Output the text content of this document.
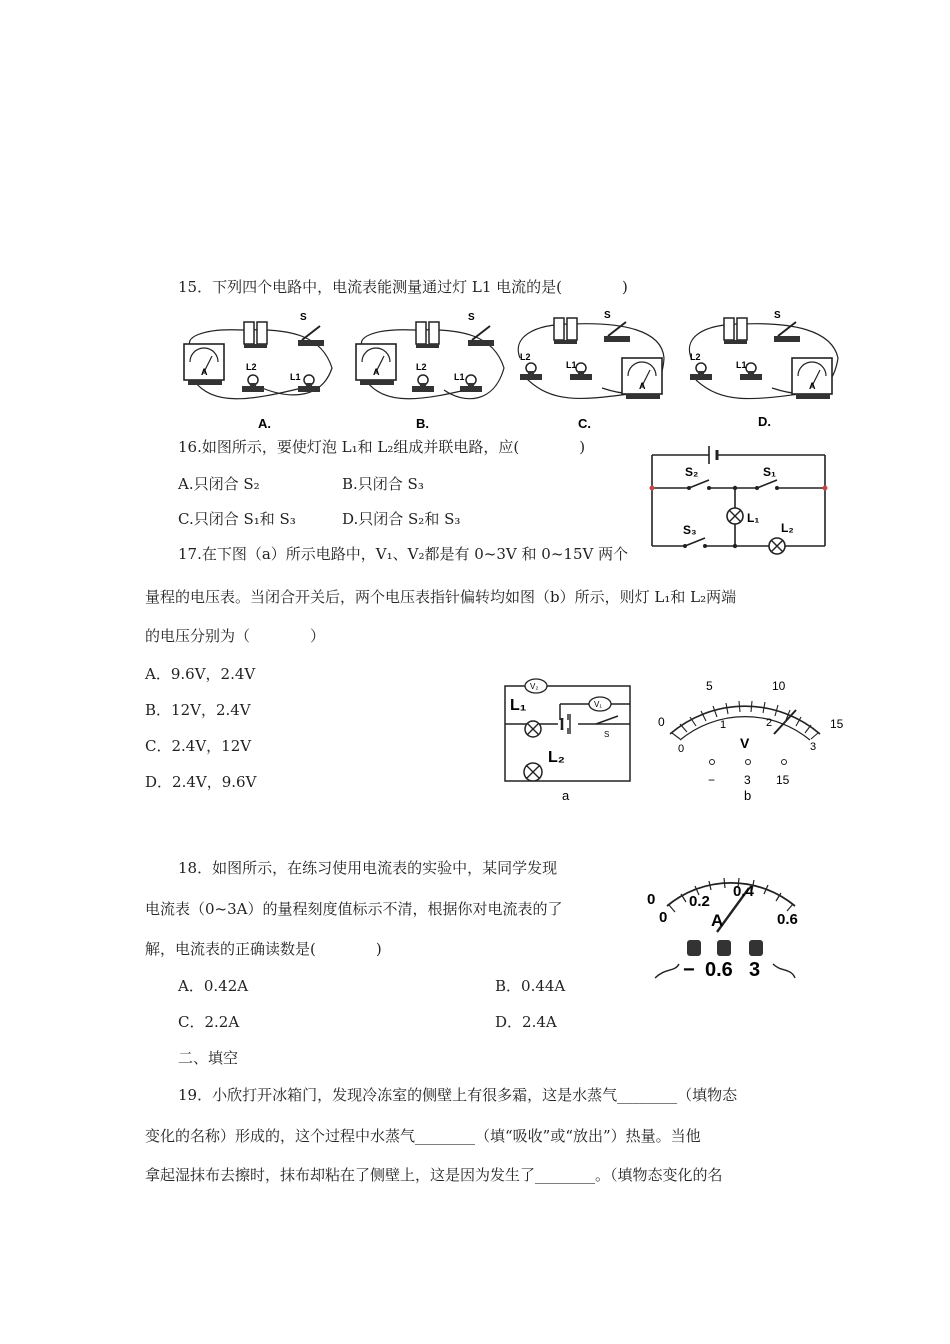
15．下列四个电路中，电流表能测量通过灯 L1 电流的是(　　　　)
A
S
L2
L1
A.
S
L2
L1
B.
S
L2
L1
C.
S
L2
L1
D.
16.如图所示，要使灯泡 L₁和 L₂组成并联电路，应(　　　　)
A.只闭合 S₂	B.只闭合 S₃
C.只闭合 S₁和 S₃	D.只闭合 S₂和 S₃
S₂	S₁
S₃
L₁
L₂
17.在下图（a）所示电路中，V₁、V₂都是有 0~3V 和 0~15V 两个
量程的电压表。当闭合开关后，两个电压表指针偏转均如图（b）所示，则灯 L₁和 L₂两端
的电压分别为（　　　　）
A．9.6V，2.4V
B．12V，2.4V
C．2.4V，12V
D．2.4V，9.6V
V₂
V₁
L₁
L₂
S
a
0
5	10
15
0
1	2
3
V
− 3 15
b
18．如图所示，在练习使用电流表的实验中，某同学发现
电流表（0~3A）的量程刻度值标示不清，根据你对电流表的了
解，电流表的正确读数是(　　　　)
A．0.42A	B．0.44A
C．2.2A	D．2.4A
0 0.2
0.4
0	0.6
A
− 0.6 3
二、填空
19．小欣打开冰箱门，发现冷冻室的侧壁上有很多霜，这是水蒸气________（填物态
变化的名称）形成的，这个过程中水蒸气________（填“吸收”或“放出”）热量。当他
拿起湿抹布去擦时，抹布却粘在了侧壁上，这是因为发生了________。（填物态变化的名
